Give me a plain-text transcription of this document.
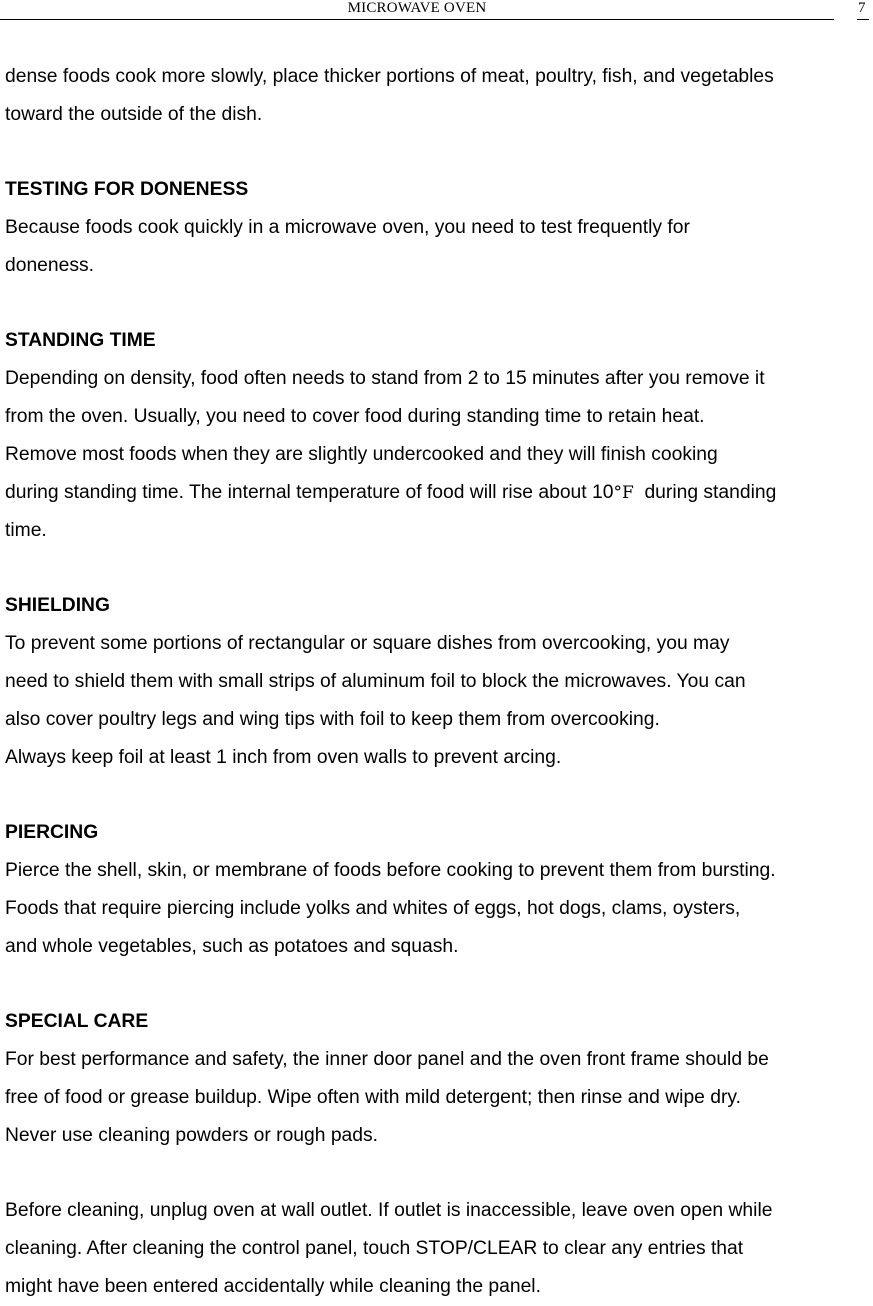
MICROWAVE OVEN	7
dense foods cook more slowly, place thicker portions of meat, poultry, fish, and vegetables
toward the outside of the dish.
TESTING FOR DONENESS
Because foods cook quickly in a microwave oven, you need to test frequently for
doneness.
STANDING TIME
Depending on density, food often needs to stand from 2 to 15 minutes after you remove it
from the oven. Usually, you need to cover food during standing time to retain heat.
Remove most foods when they are slightly undercooked and they will finish cooking
during standing time. The internal temperature of food will rise about 10°F  during standing
time.
SHIELDING
To prevent some portions of rectangular or square dishes from overcooking, you may
need to shield them with small strips of aluminum foil to block the microwaves. You can
also cover poultry legs and wing tips with foil to keep them from overcooking.
Always keep foil at least 1 inch from oven walls to prevent arcing.
PIERCING
Pierce the shell, skin, or membrane of foods before cooking to prevent them from bursting.
Foods that require piercing include yolks and whites of eggs, hot dogs, clams, oysters,
and whole vegetables, such as potatoes and squash.
SPECIAL CARE
For best performance and safety, the inner door panel and the oven front frame should be
free of food or grease buildup. Wipe often with mild detergent; then rinse and wipe dry.
Never use cleaning powders or rough pads.
Before cleaning, unplug oven at wall outlet. If outlet is inaccessible, leave oven open while
cleaning. After cleaning the control panel, touch STOP/CLEAR to clear any entries that
might have been entered accidentally while cleaning the panel.
